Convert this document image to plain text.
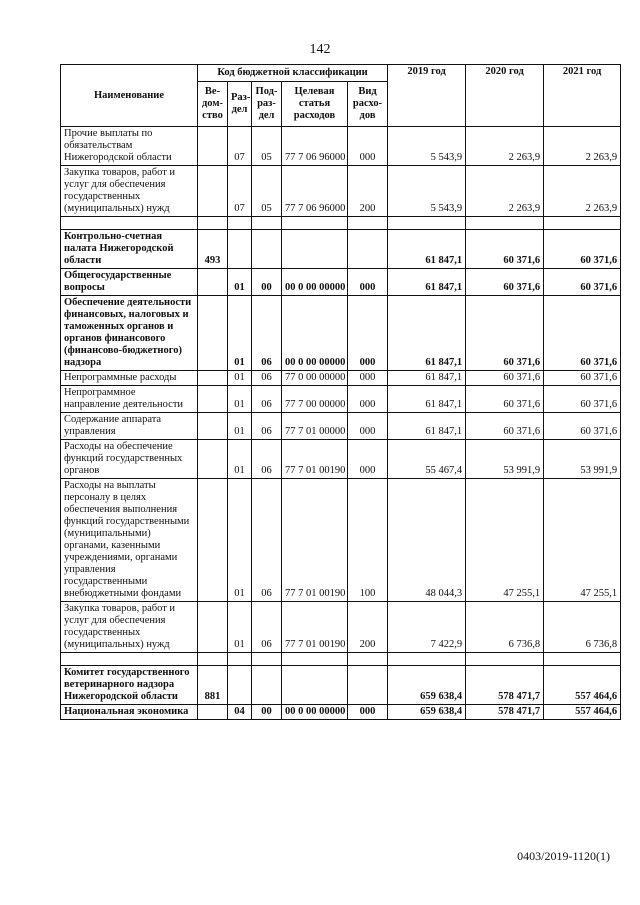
142
Наименование	Код бюджетной классификации					2019 год	2020 год	2021 год
	Ве-дом-ство	Раз-дел	Под-раз-дел	Целевая статья расходов	Вид расхо-дов			
Прочие выплаты по обязательствам Нижегородской области		07	05	77 7 06 96000	000	5 543,9	2 263,9	2 263,9
Закупка товаров, работ и услуг для обеспечения государственных (муниципальных) нужд		07	05	77 7 06 96000	200	5 543,9	2 263,9	2 263,9

Контрольно-счетная палата Нижегородской области	493					61 847,1	60 371,6	60 371,6
Общегосударственные вопросы		01	00	00 0 00 00000	000	61 847,1	60 371,6	60 371,6
Обеспечение деятельности финансовых, налоговых и таможенных органов и органов финансового (финансово-бюджетного) надзора		01	06	00 0 00 00000	000	61 847,1	60 371,6	60 371,6
Непрограммные расходы		01	06	77 0 00 00000	000	61 847,1	60 371,6	60 371,6
Непрограммное направление деятельности		01	06	77 7 00 00000	000	61 847,1	60 371,6	60 371,6
Содержание аппарата управления		01	06	77 7 01 00000	000	61 847,1	60 371,6	60 371,6
Расходы на обеспечение функций государственных органов		01	06	77 7 01 00190	000	55 467,4	53 991,9	53 991,9
Расходы на выплаты персоналу в целях обеспечения выполнения функций государственными (муниципальными) органами, казенными учреждениями, органами управления государственными внебюджетными фондами		01	06	77 7 01 00190	100	48 044,3	47 255,1	47 255,1
Закупка товаров, работ и услуг для обеспечения государственных (муниципальных) нужд		01	06	77 7 01 00190	200	7 422,9	6 736,8	6 736,8

Комитет государственного ветеринарного надзора Нижегородской области	881					659 638,4	578 471,7	557 464,6
Национальная экономика		04	00	00 0 00 00000	000	659 638,4	578 471,7	557 464,6
0403/2019-1120(1)
